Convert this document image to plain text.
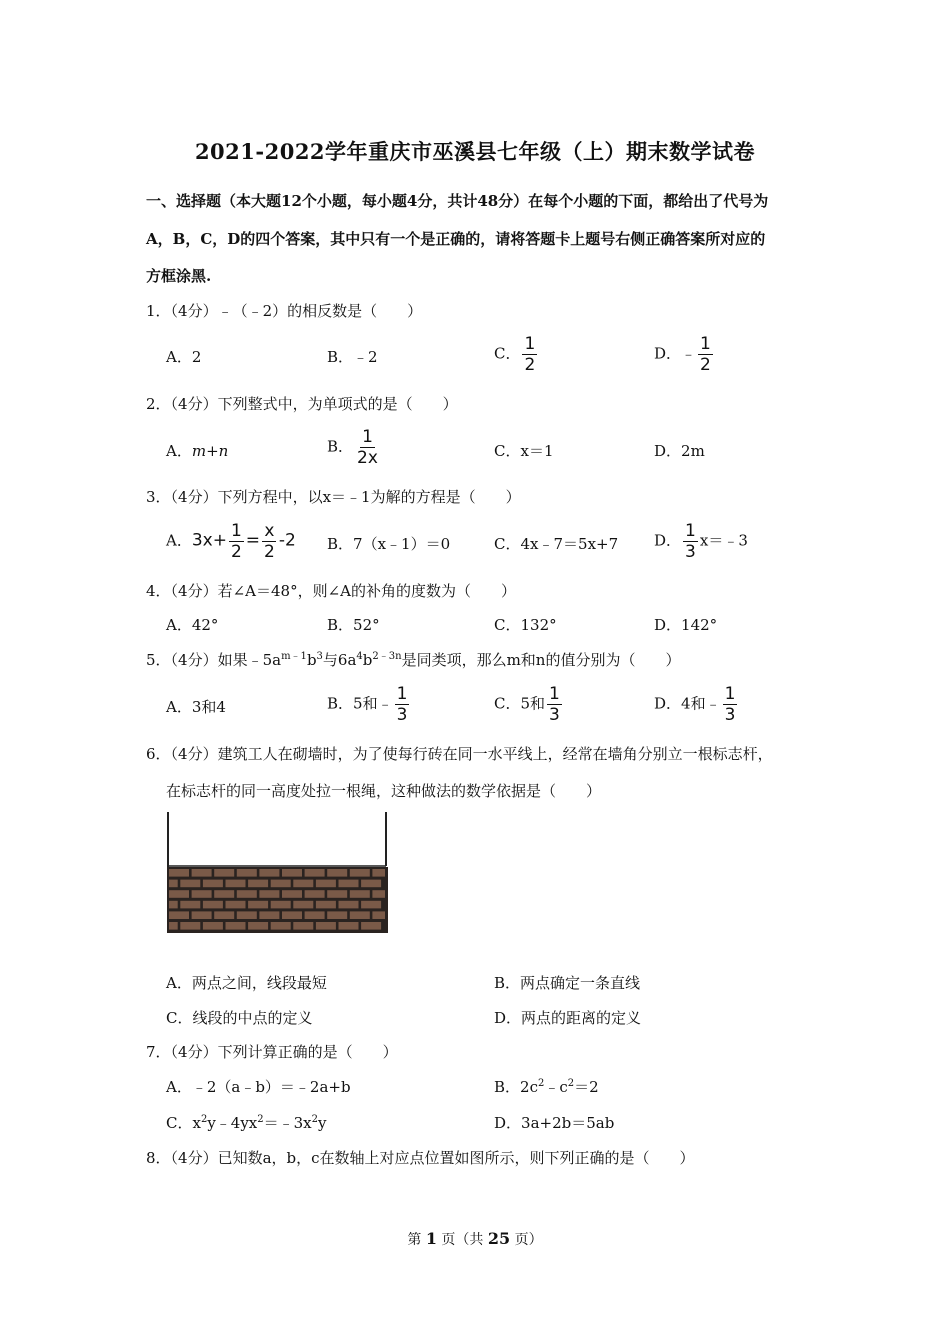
2021-2022学年重庆市巫溪县七年级（上）期末数学试卷
一、选择题（本大题12个小题，每小题4分，共计48分）在每个小题的下面，都给出了代号为
A，B，C，D的四个答案，其中只有一个是正确的，请将答题卡上题号右侧正确答案所对应的
方框涂黑.
1．（4分）﹣（﹣2）的相反数是（　　）
A．2	B．﹣2	C． $\frac{1}{2}$	D．﹣ $\frac{1}{2}$
2．（4分）下列整式中，为单项式的是（　　）
A．m+n	B． $\frac{1}{2x}$	C．x＝1	D．2m
3．（4分）下列方程中，以x＝﹣1为解的方程是（　　）
A．$3x+ \frac{1}{2} = \frac{x}{2} -2$ B．7（x﹣1）＝0	C．4x﹣7＝5x+7 D． $\frac{1}{3}$ x＝﹣3
4．（4分）若∠A＝48°，则∠A的补角的度数为（　　）
A．42°	B．52°	C．132°	D．142°
5．（4分）如果$﹣5a^{m﹣1}b^3$与$6a^4b^{2﹣3n}$是同类项，那么m和n的值分别为（　　）
A．3和4	B．5和﹣ $\frac{1}{3}$	C．5和 $\frac{1}{3}$	D．4和﹣ $\frac{1}{3}$
6．（4分）建筑工人在砌墙时，为了使每行砖在同一水平线上，经常在墙角分别立一根标志杆，
在标志杆的同一高度处拉一根绳，这种做法的数学依据是（　　）
A．两点之间，线段最短	B．两点确定一条直线
C．线段的中点的定义	D．两点的距离的定义
7．（4分）下列计算正确的是（　　）
A．﹣2（a﹣b）＝﹣2a+b	B．$2c^2﹣c^2=2$
C．$x^2y﹣4yx^2=﹣3x^2y$	D．3a+2b＝5ab
8．（4分）已知数a，b，c在数轴上对应点位置如图所示，则下列正确的是（　　）
第 1 页（共 25 页）
